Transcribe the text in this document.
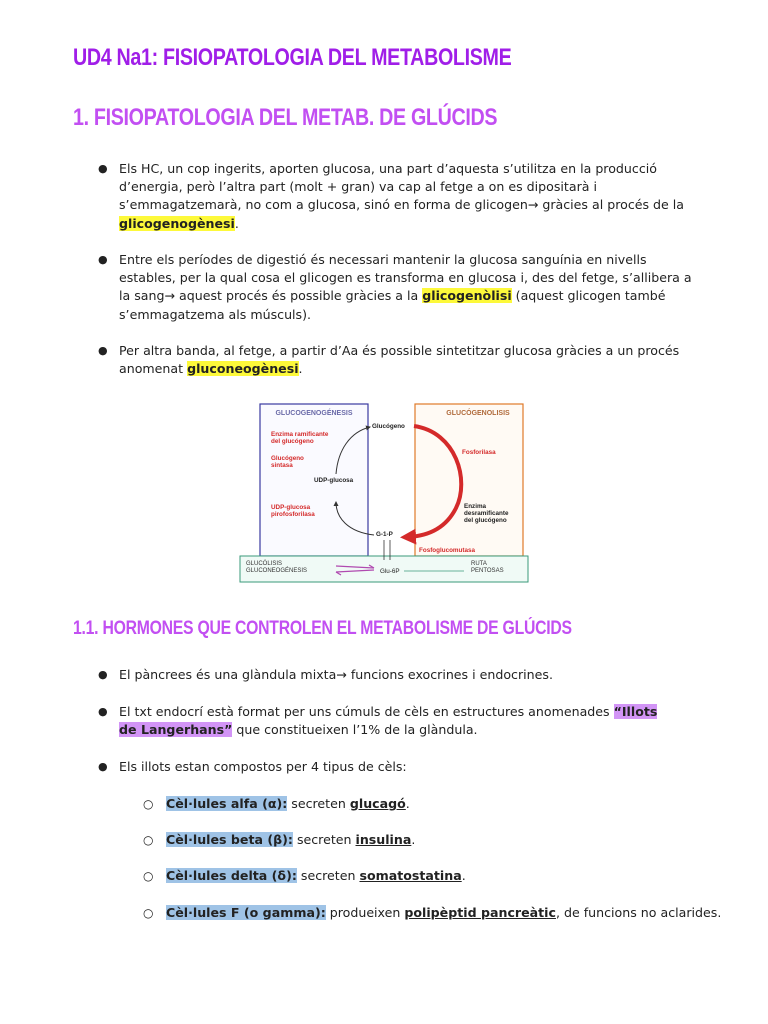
UD4 Na1: FISIOPATOLOGIA DEL METABOLISME
1. FISIOPATOLOGIA DEL METAB. DE GLÚCIDS
● Els HC, un cop ingerits, aporten glucosa, una part d’aquesta s’utilitza en la producció d’energia, però l’altra part (molt + gran) va cap al fetge a on es dipositarà i s’emmagatzemarà, no com a glucosa, sinó en forma de glicogen→ gràcies al procés de la glicogenogènesi.
● Entre els períodes de digestió és necessari mantenir la glucosa sanguínia en nivells estables, per la qual cosa el glicogen es transforma en glucosa i, des del fetge, s’allibera a la sang→ aquest procés és possible gràcies a la glicogenòlisi (aquest glicogen també s’emmagatzema als músculs).
● Per altra banda, al fetge, a partir d’Aa és possible sintetitzar glucosa gràcies a un procés anomenat gluconeogènesi.
GLUCOGENOGÉNESIS	GLUCÓGENOLISIS
Enzima ramificante
del glucógeno
Glucógeno
sintasa
UDP-glucosa
UDP-glucosa
pirofosforilasa
Glucógeno
G-1-P
Fosforilasa
Enzima
desramificante
del glucógeno
Fosfoglucomutasa
GLUCÓLISIS
GLUCONEOGÉNESIS	Glu-6P
RUTA
PENTOSAS
1.1. HORMONES QUE CONTROLEN EL METABOLISME DE GLÚCIDS
● El pàncrees és una glàndula mixta→ funcions exocrines i endocrines.
● El txt endocrí està format per uns cúmuls de cèls en estructures anomenades “Illots de Langerhans” que constitueixen l’1% de la glàndula.
● Els illots estan compostos per 4 tipus de cèls:
○ Cèl·lules alfa (α): secreten glucagó.
○ Cèl·lules beta (β): secreten insulina.
○ Cèl·lules delta (δ): secreten somatostatina.
○ Cèl·lules F (o gamma): produeixen polipèptid pancreàtic, de funcions no aclarides.
